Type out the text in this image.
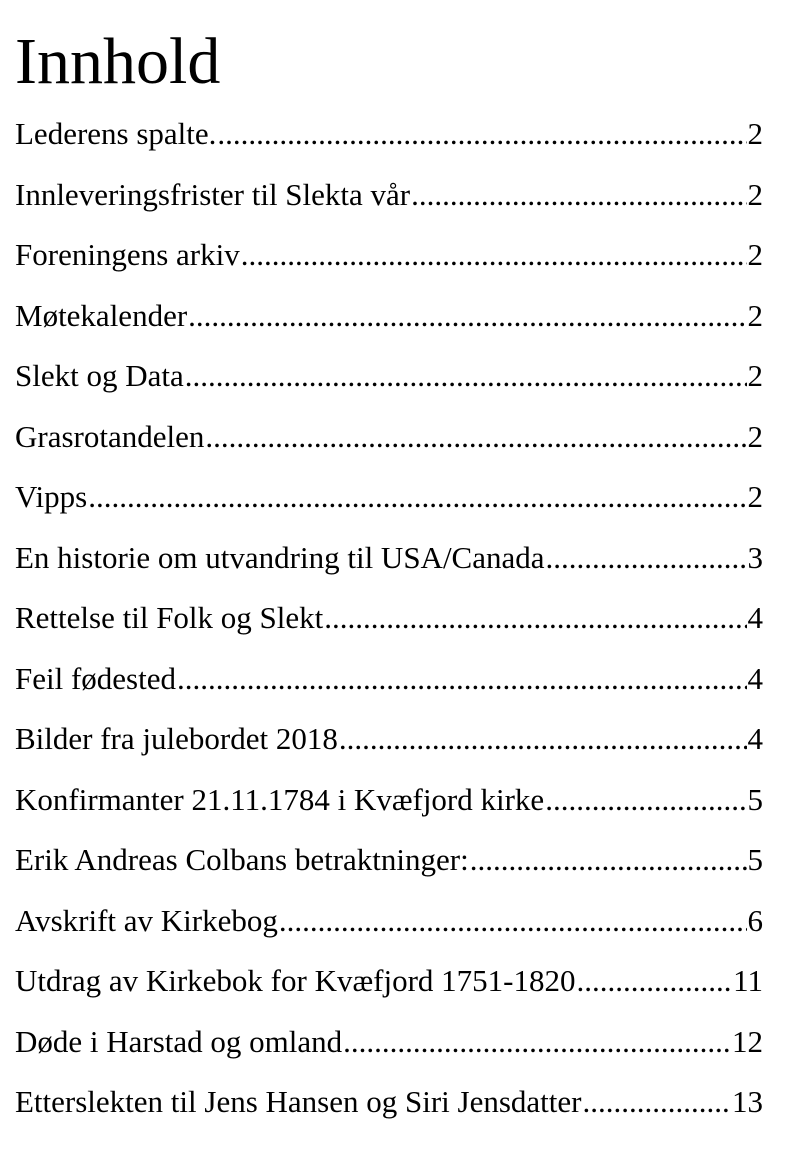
Innhold
Lederens spalte. .....	2
Innleveringsfrister til Slekta vår .....	2
Foreningens arkiv .....	2
Møtekalender .....	2
Slekt og Data .....	2
Grasrotandelen .....	2
Vipps .....	2
En historie om utvandring til USA/Canada .....	3
Rettelse til Folk og Slekt .....	4
Feil fødested .....	4
Bilder fra julebordet 2018 .....	4
Konfirmanter 21.11.1784 i Kvæfjord kirke .....	5
Erik Andreas Colbans betraktninger: .....	5
Avskrift av Kirkebog .....	6
Utdrag av Kirkebok for Kvæfjord 1751-1820 .....	11
Døde i Harstad og omland .....	12
Etterslekten til Jens Hansen og Siri Jensdatter .....	13
